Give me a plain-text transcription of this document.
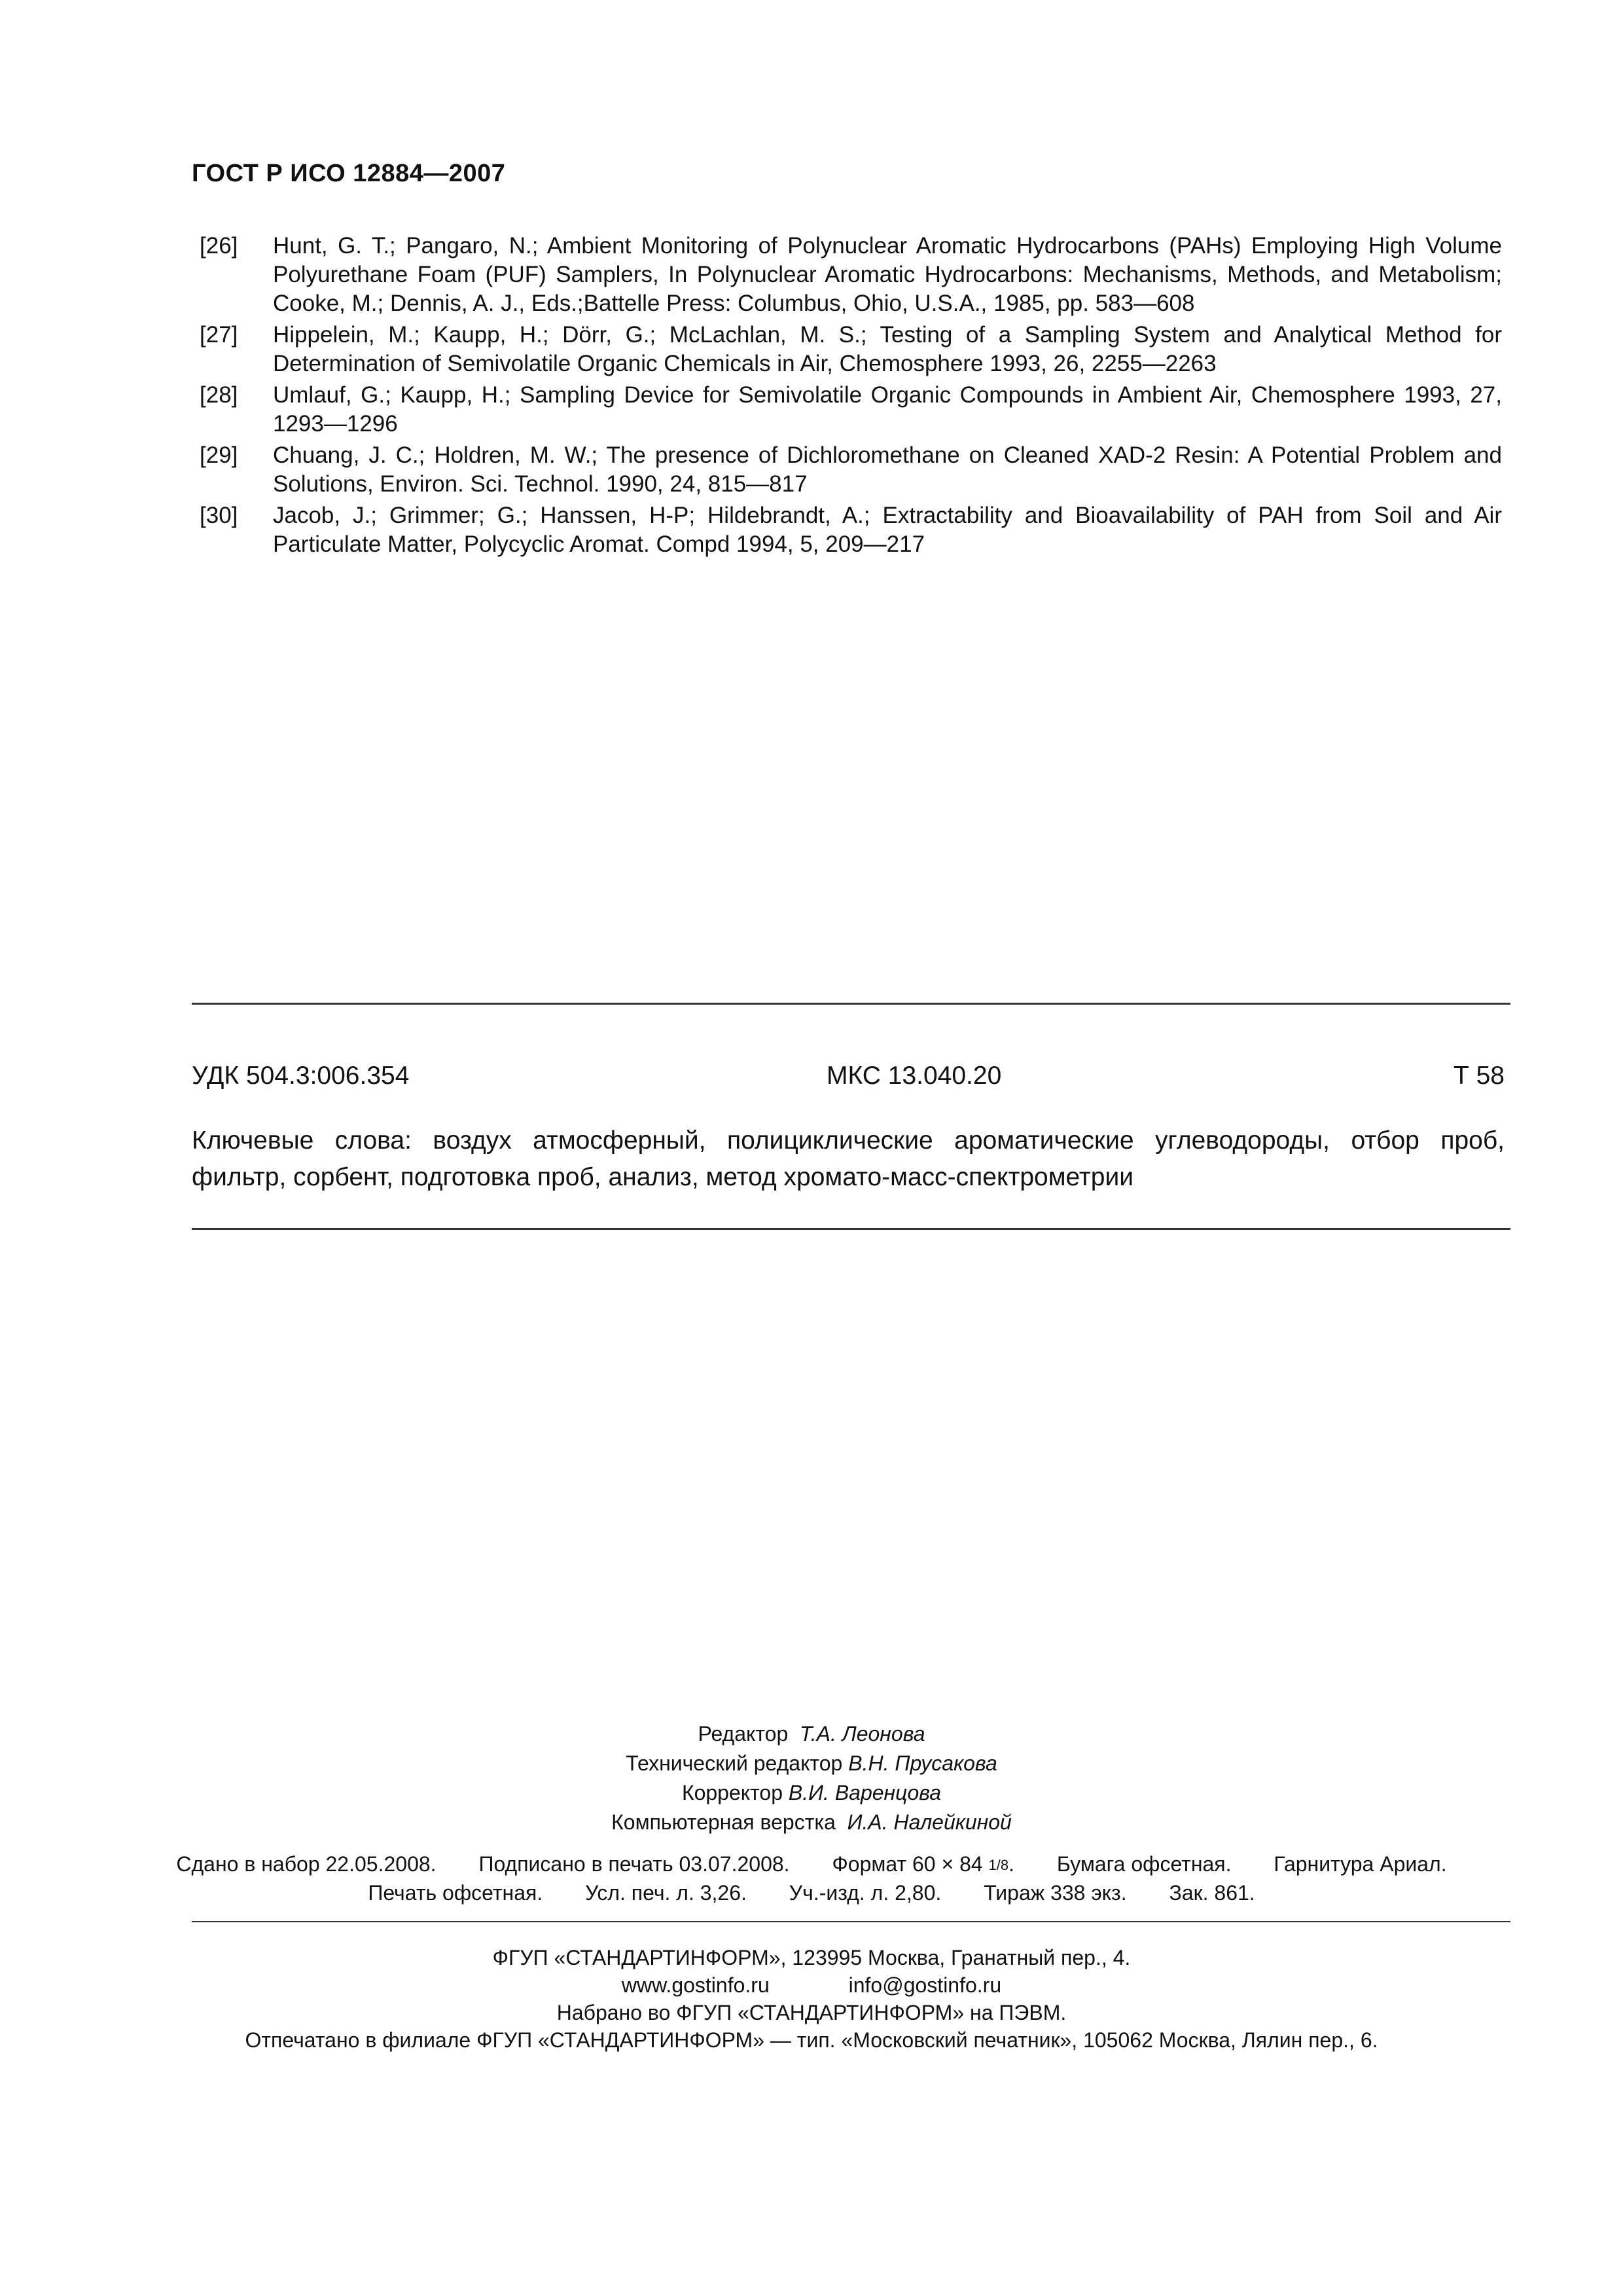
ГОСТ Р ИСО 12884—2007
[26]	Hunt, G. T.; Pangaro, N.; Ambient Monitoring of Polynuclear Aromatic Hydrocarbons (PAHs) Employing High Volume Polyurethane Foam (PUF) Samplers, In Polynuclear Aromatic Hydrocarbons: Mechanisms, Methods, and Metabolism; Cooke, M.; Dennis, A. J., Eds.;Battelle Press: Columbus, Ohio, U.S.A., 1985, pp. 583—608
[27]	Hippelein, M.; Kaupp, H.; Dörr, G.; McLachlan, M. S.; Testing of a Sampling System and Analytical Method for Determination of Semivolatile Organic Chemicals in Air, Chemosphere 1993, 26, 2255—2263
[28]	Umlauf, G.; Kaupp, H.; Sampling Device for Semivolatile Organic Compounds in Ambient Air, Chemosphere 1993, 27, 1293—1296
[29]	Chuang, J. C.; Holdren, M. W.; The presence of Dichloromethane on Cleaned XAD-2 Resin: A Potential Problem and Solutions, Environ. Sci. Technol. 1990, 24, 815—817
[30]	Jacob, J.; Grimmer; G.; Hanssen, H-P; Hildebrandt, A.; Extractability and Bioavailability of PAH from Soil and Air Particulate Matter, Polycyclic Aromat. Compd 1994, 5, 209—217
УДК 504.3:006.354	МКС 13.040.20	Т 58
Ключевые слова: воздух атмосферный, полициклические ароматические углеводороды, отбор проб,
фильтр, сорбент, подготовка проб, анализ, метод хромато-масс-спектрометрии
Редактор Т.А. Леонова
Технический редактор В.Н. Прусакова
Корректор В.И. Варенцова
Компьютерная верстка И.А. Налейкиной
Сдано в набор 22.05.2008. Подписано в печать 03.07.2008. Формат 60 × 84 1/8. Бумага офсетная. Гарнитура Ариал.
Печать офсетная. Усл. печ. л. 3,26. Уч.-изд. л. 2,80. Тираж 338 экз. Зак. 861.
ФГУП «СТАНДАРТИНФОРМ», 123995 Москва, Гранатный пер., 4.
www.gostinfo.ru	info@gostinfo.ru
Набрано во ФГУП «СТАНДАРТИНФОРМ» на ПЭВМ.
Отпечатано в филиале ФГУП «СТАНДАРТИНФОРМ» — тип. «Московский печатник», 105062 Москва, Лялин пер., 6.
